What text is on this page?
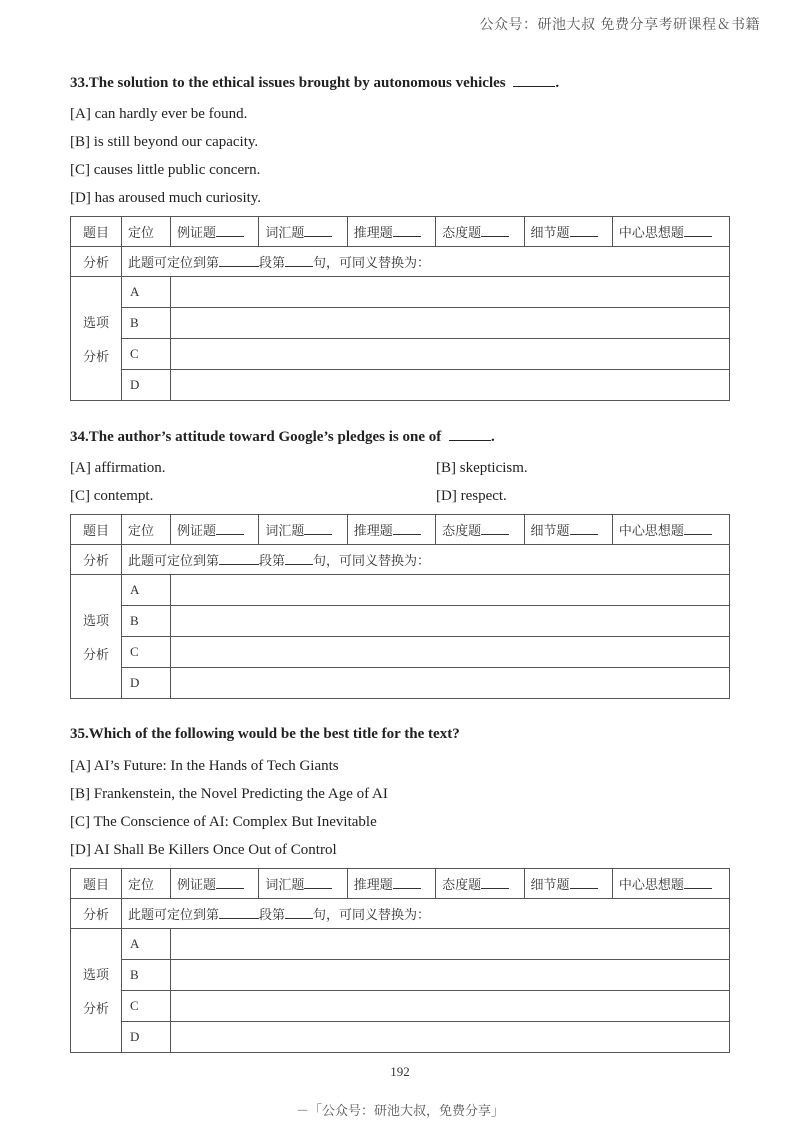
公众号：研池大叔 免费分享考研课程＆书籍
33.The solution to the ethical issues brought by autonomous vehicles	.
[A] can hardly ever be found.
[B] is still beyond our capacity.
[C] causes little public concern.
[D] has aroused much curiosity.
题目	定位	例证题	词汇题	推理题	态度题	细节题	中心思想题
分析	此题可定位到第 段第 句，可同义替换为：						
选项

分析	A						
	B						
	C						
	D						
34.The author’s attitude toward Google’s pledges is one of	.
[A] affirmation.	[B] skepticism.
[C] contempt.	[D] respect.
题目	定位	例证题	词汇题	推理题	态度题	细节题	中心思想题
分析	此题可定位到第 段第 句，可同义替换为：						
选项

分析	A						
	B						
	C						
	D						
35.Which of the following would be the best title for the text?
[A] AI’s Future: In the Hands of Tech Giants
[B] Frankenstein, the Novel Predicting the Age of AI
[C] The Conscience of AI: Complex But Inevitable
[D] AI Shall Be Killers Once Out of Control
题目	定位	例证题	词汇题	推理题	态度题	细节题	中心思想题
分析	此题可定位到第 段第 句，可同义替换为：						
选项

分析	A						
	B						
	C						
	D						
192
－「公众号：研池大叔，免费分享」
